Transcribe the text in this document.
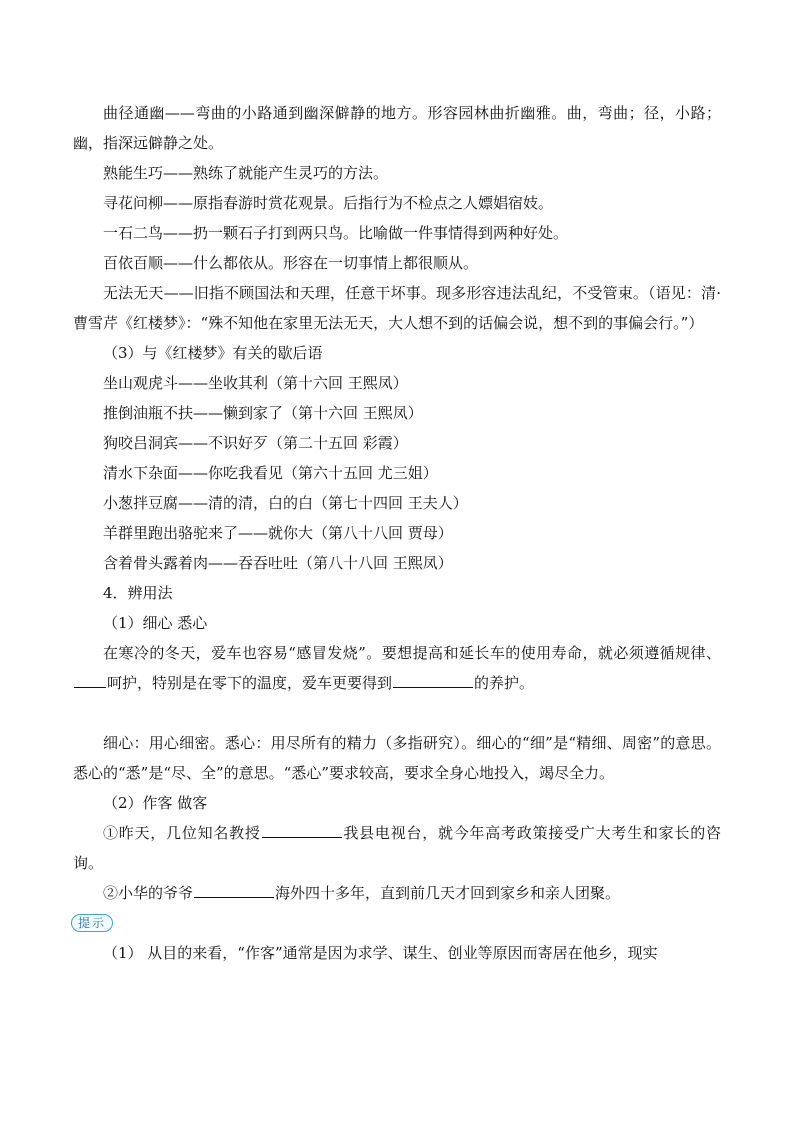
曲径通幽——弯曲的小路通到幽深僻静的地方。形容园林曲折幽雅。曲，弯曲；径，小路；幽，指深远僻静之处。

熟能生巧——熟练了就能产生灵巧的方法。

寻花问柳——原指春游时赏花观景。后指行为不检点之人嫖娼宿妓。

一石二鸟——扔一颗石子打到两只鸟。比喻做一件事情得到两种好处。

百依百顺——什么都依从。形容在一切事情上都很顺从。

无法无天——旧指不顾国法和天理，任意干坏事。现多形容违法乱纪，不受管束。（语见：清·曹雪芹《红楼梦》：“殊不知他在家里无法无天，大人想不到的话偏会说，想不到的事偏会行。”）

（3）与《红楼梦》有关的歇后语

坐山观虎斗——坐收其利（第十六回 王熙凤）

推倒油瓶不扶——懒到家了（第十六回 王熙凤）

狗咬吕洞宾——不识好歹（第二十五回 彩霞）

清水下杂面——你吃我看见（第六十五回 尤三姐）

小葱拌豆腐——清的清，白的白（第七十四回 王夫人）

羊群里跑出骆驼来了——就你大（第八十八回 贾母）

含着骨头露着肉——吞吞吐吐（第八十八回 王熙凤）

4．辨用法

（1）细心 悉心

在寒冷的冬天，爱车也容易“感冒发烧”。要想提高和延长车的使用寿命，就必须遵循规律、呵护，特别是在零下的温度，爱车更要得到	的养护。

细心：用心细密。悉心：用尽所有的精力（多指研究）。细心的“细”是“精细、周密”的意思。悉心的“悉”是“尽、全”的意思。“悉心”要求较高，要求全身心地投入，竭尽全力。

（2）作客 做客

①昨天，几位知名教授	我县电视台，就今年高考政策接受广大考生和家长的咨询。

②小华的爷爷	海外四十多年，直到前几天才回到家乡和亲人团聚。

提示

（1） 从目的来看，“作客”通常是因为求学、谋生、创业等原因而寄居在他乡，现实
